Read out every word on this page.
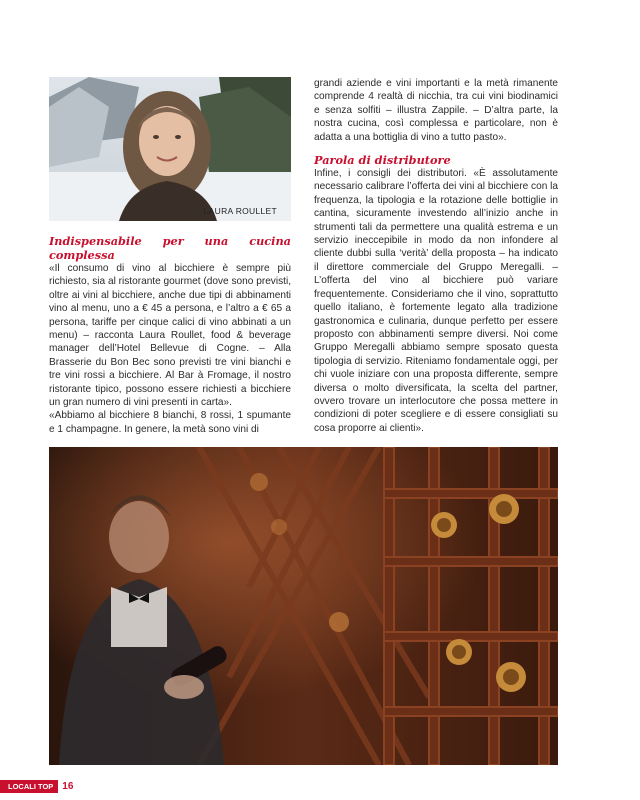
LAURA ROULLET

Indispensabile per una cucina complessa

«Il consumo di vino al bicchiere è sempre più richiesto, sia al ristorante gourmet (dove sono previsti, oltre ai vini al bicchiere, anche due tipi di abbinamenti vino al menu, uno a € 45 a persona, e l’altro a € 65 a persona, tariffe per cinque calici di vino abbinati a un menu) – racconta Laura Roullet, food & beverage manager dell’Hotel Bellevue di Cogne. – Alla Brasserie du Bon Bec sono previsti tre vini bianchi e tre vini rossi a bicchiere. Al Bar à Fromage, il nostro ristorante tipico, possono essere richiesti a bicchiere un gran numero di vini presenti in carta».

«Abbiamo al bicchiere 8 bianchi, 8 rossi, 1 spumante e 1 champagne. In genere, la metà sono vini di

grandi aziende e vini importanti e la metà rimanente comprende 4 realtà di nicchia, tra cui vini biodinamici e senza solfiti – illustra Zappile. – D’altra parte, la nostra cucina, così complessa e particolare, non è adatta a una bottiglia di vino a tutto pasto».

Parola di distributore

Infine, i consigli dei distributori. «È assolutamente necessario calibrare l’offerta dei vini al bicchiere con la frequenza, la tipologia e la rotazione delle bottiglie in cantina, sicuramente investendo all’inizio anche in strumenti tali da permettere una qualità estrema e un servizio ineccepibile in modo da non infondere al cliente dubbi sulla ‘verità’ della proposta – ha indicato il direttore commerciale del Gruppo Meregalli. – L’offerta del vino al bicchiere può variare frequentemente. Consideriamo che il vino, soprattutto quello italiano, è fortemente legato alla tradizione gastronomica e culinaria, dunque perfetto per essere proposto con abbinamenti sempre diversi. Noi come Gruppo Meregalli abbiamo sempre sposato questa tipologia di servizio. Riteniamo fondamentale oggi, per chi vuole iniziare con una proposta differente, sempre diversa o molto diversificata, la scelta del partner, ovvero trovare un interlocutore che possa mettere in condizioni di poter scegliere e di essere consigliati su cosa proporre ai clienti».

LOCALI TOP 16
